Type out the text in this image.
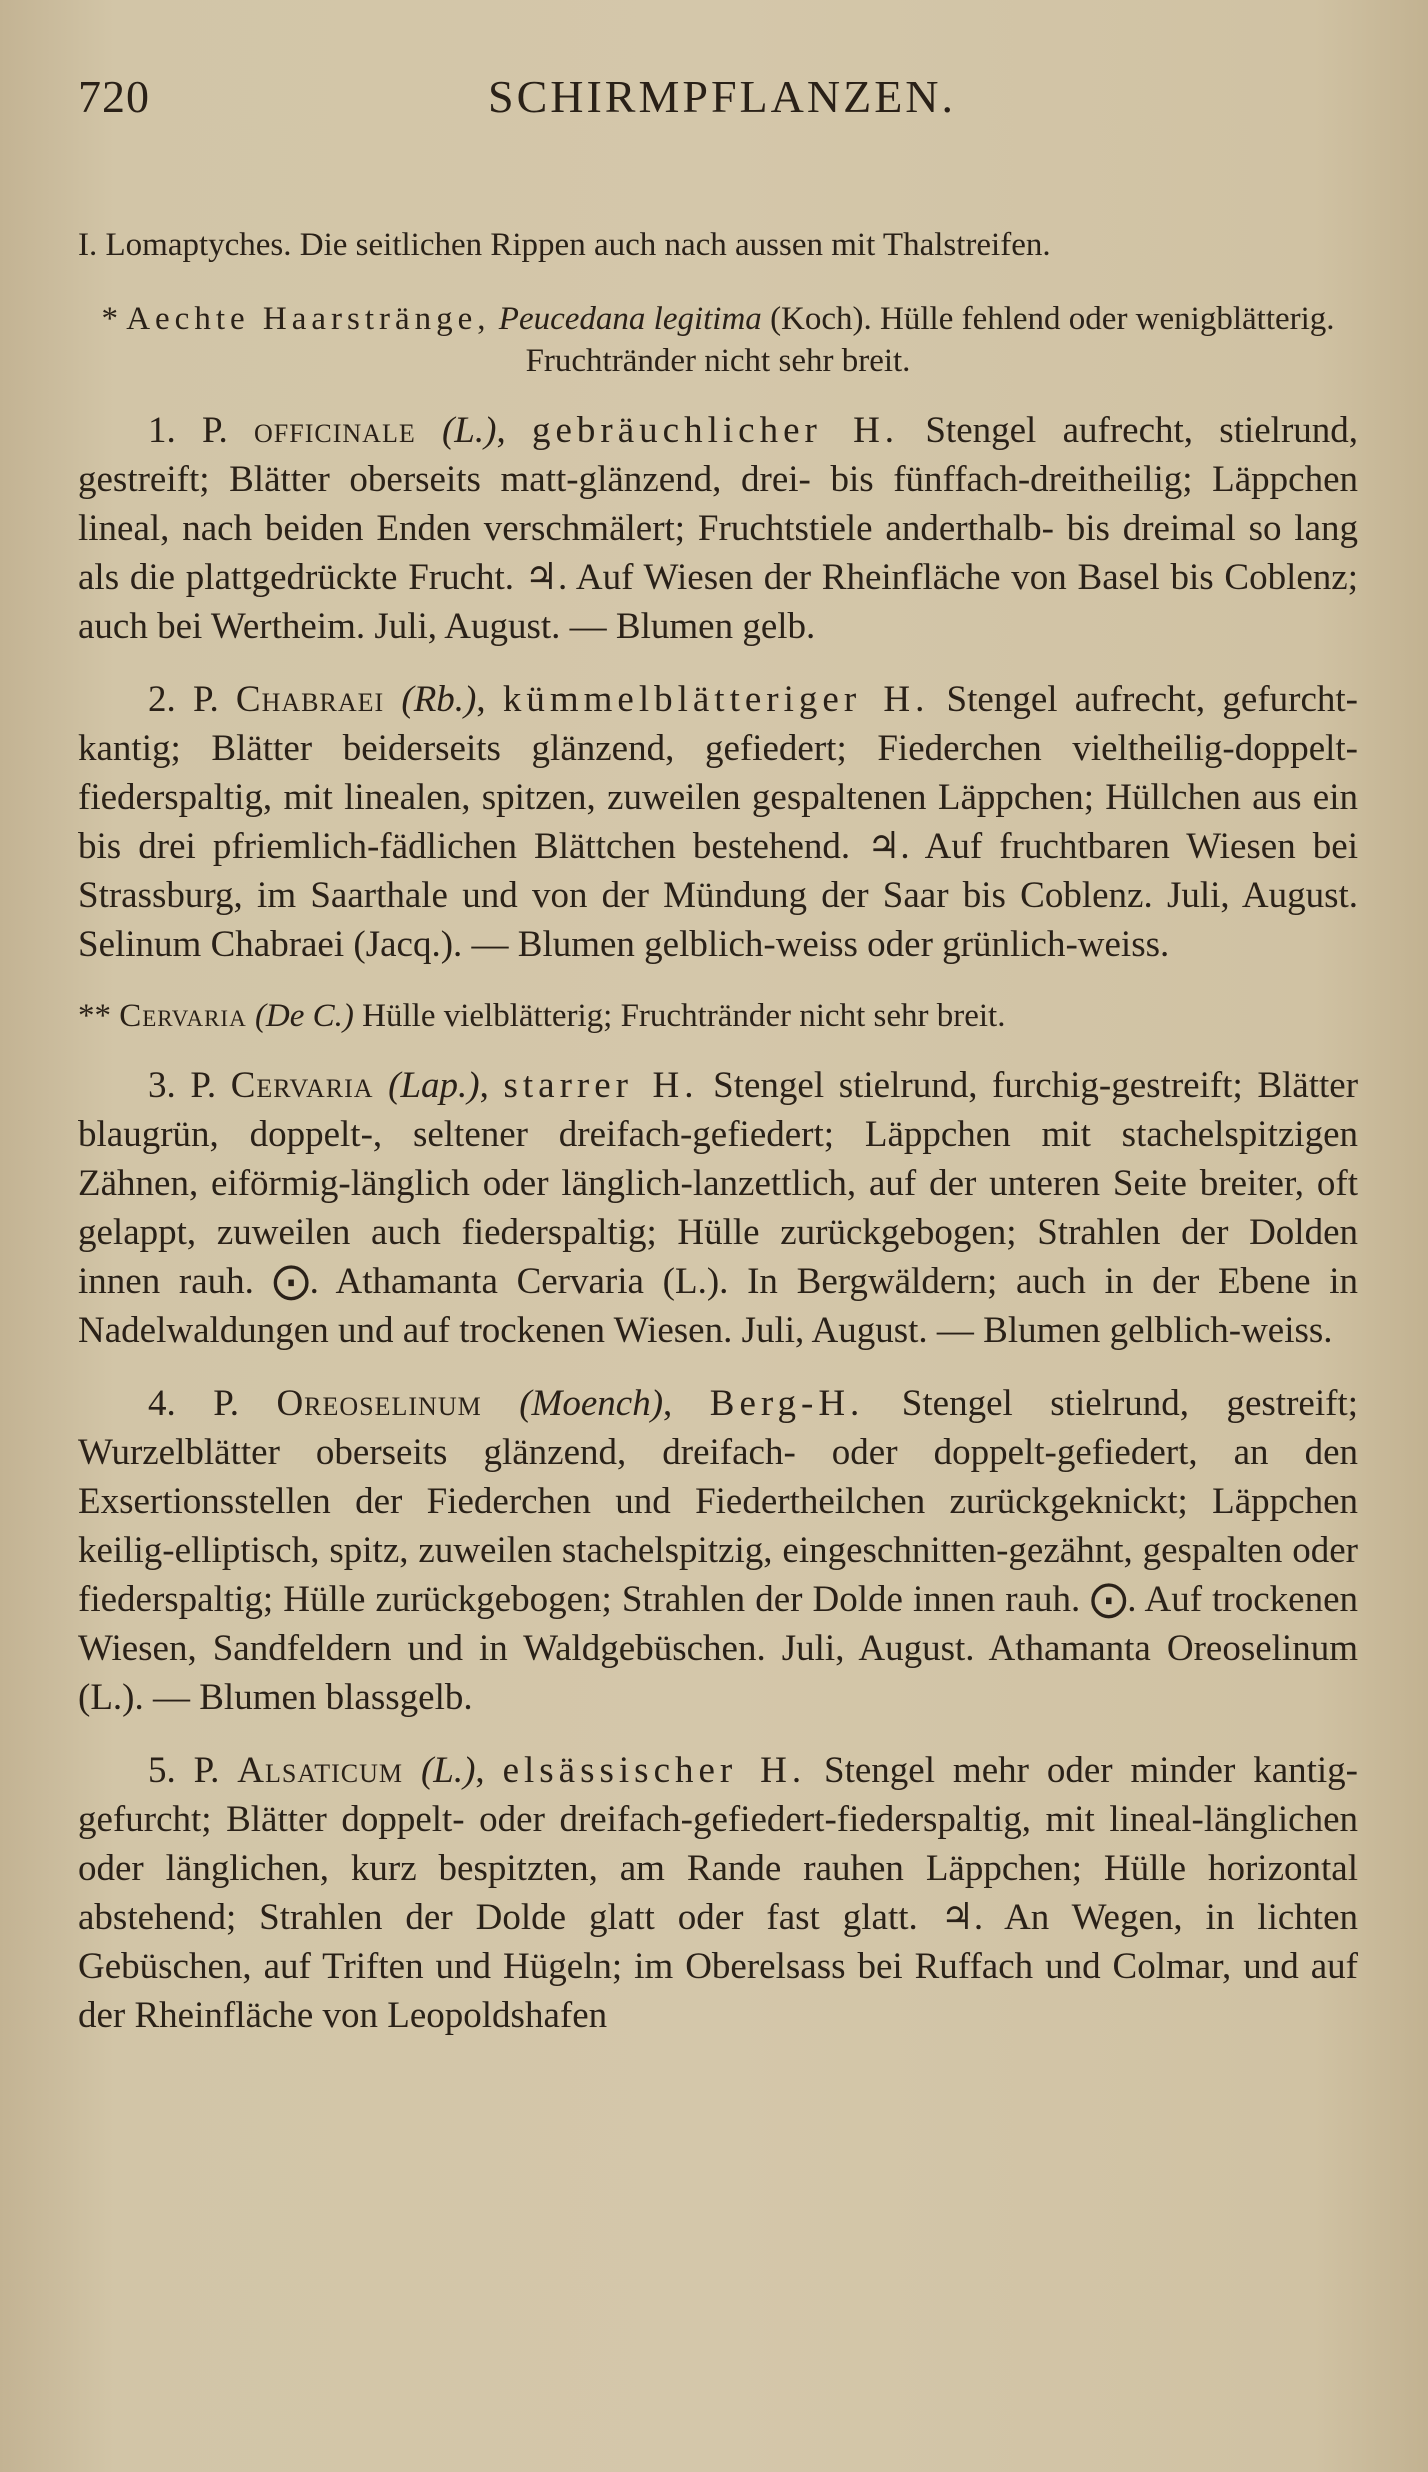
720	SCHIRMPFLANZEN.
I. Lomaptyches. Die seitlichen Rippen auch nach aussen mit Thalstreifen.
* Aechte Haarstränge, Peucedana legitima (Koch). Hülle fehlend oder wenigblätterig. Fruchtränder nicht sehr breit.
1. P. officinale (L.), gebräuchlicher H. Stengel aufrecht, stielrund, gestreift; Blätter oberseits matt-glänzend, drei- bis fünffach-dreitheilig; Läppchen lineal, nach beiden Enden verschmälert; Fruchtstiele anderthalb- bis dreimal so lang als die plattgedrückte Frucht. ♃. Auf Wiesen der Rheinfläche von Basel bis Coblenz; auch bei Wertheim. Juli, August. — Blumen gelb.
2. P. Chabraei (Rb.), kümmelblätteriger H. Stengel aufrecht, gefurcht-kantig; Blätter beiderseits glänzend, gefiedert; Fiederchen vieltheilig-doppelt-fiederspaltig, mit linealen, spitzen, zuweilen gespaltenen Läppchen; Hüllchen aus ein bis drei pfriemlich-fädlichen Blättchen bestehend. ♃. Auf fruchtbaren Wiesen bei Strassburg, im Saarthale und von der Mündung der Saar bis Coblenz. Juli, August. Selinum Chabraei (Jacq.). — Blumen gelblich-weiss oder grünlich-weiss.
** Cervaria (De C.) Hülle vielblätterig; Fruchtränder nicht sehr breit.
3. P. Cervaria (Lap.), starrer H. Stengel stielrund, furchig-gestreift; Blätter blaugrün, doppelt-, seltener dreifach-gefiedert; Läppchen mit stachelspitzigen Zähnen, eiförmig-länglich oder länglich-lanzettlich, auf der unteren Seite breiter, oft gelappt, zuweilen auch fiederspaltig; Hülle zurückgebogen; Strahlen der Dolden innen rauh. ⨀. Athamanta Cervaria (L.). In Bergwäldern; auch in der Ebene in Nadelwaldungen und auf trockenen Wiesen. Juli, August. — Blumen gelblich-weiss.
4. P. Oreoselinum (Moench), Berg-H. Stengel stielrund, gestreift; Wurzelblätter oberseits glänzend, dreifach- oder doppelt-gefiedert, an den Exsertionsstellen der Fiederchen und Fiedertheilchen zurückgeknickt; Läppchen keilig-elliptisch, spitz, zuweilen stachelspitzig, eingeschnitten-gezähnt, gespalten oder fiederspaltig; Hülle zurückgebogen; Strahlen der Dolde innen rauh. ⨀. Auf trockenen Wiesen, Sandfeldern und in Waldgebüschen. Juli, August. Athamanta Oreoselinum (L.). — Blumen blassgelb.
5. P. Alsaticum (L.), elsässischer H. Stengel mehr oder minder kantig-gefurcht; Blätter doppelt- oder dreifach-gefiedert-fiederspaltig, mit lineal-länglichen oder länglichen, kurz bespitzten, am Rande rauhen Läppchen; Hülle horizontal abstehend; Strahlen der Dolde glatt oder fast glatt. ♃. An Wegen, in lichten Gebüschen, auf Triften und Hügeln; im Oberelsass bei Ruffach und Colmar, und auf der Rheinfläche von Leopoldshafen
